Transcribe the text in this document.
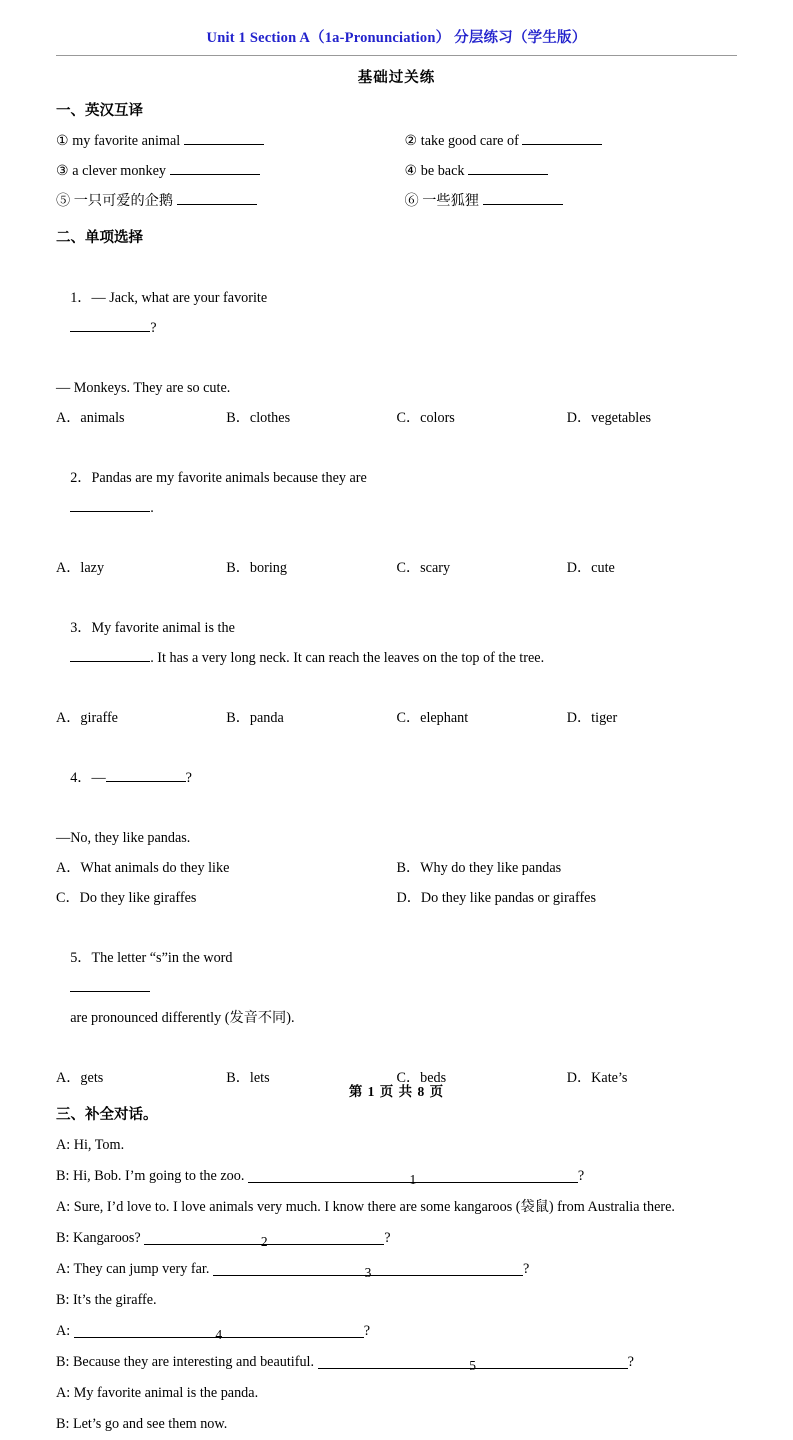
Unit 1 Section A（1a-Pronunciation） 分层练习（学生版）
基础过关练
一、英汉互译
① my favorite animal	② take good care of
③ a clever monkey	④ be back
⑤ 一只可爱的企鹅	⑥ 一些狐狸
二、单项选择

1．— Jack, what are your favorite
?

— Monkeys. They are so cute.
A．animals	B．clothes	C．colors	D．vegetables

2．Pandas are my favorite animals because they are
.

A．lazy	B．boring	C．scary	D．cute

3．My favorite animal is the
. It has a very long neck. It can reach the leaves on the top of the tree.

A．giraffe	B．panda	C．elephant	D．tiger

4．—	?

—No, they like pandas.
A．What animals do they like	B．Why do they like pandas
C．Do they like giraffes	D．Do they like pandas or giraffes

5．The letter “s”in the word

are pronounced differently (发音不同).

A．gets	B．lets	C．beds	D．Kate’s
三、补全对话。
A: Hi, Tom.
B: Hi, Bob. I’m going to the zoo.	1	?
A: Sure, I’d love to. I love animals very much. I know there are some kangaroos (袋鼠) from Australia there.
B: Kangaroos?	2	?
A: They can jump very far.	3	?
B: It’s the giraffe.
A:	4	?
B: Because they are interesting and beautiful.	5	?
A: My favorite animal is the panda.
B: Let’s go and see them now.
第 1 页 共 8 页
